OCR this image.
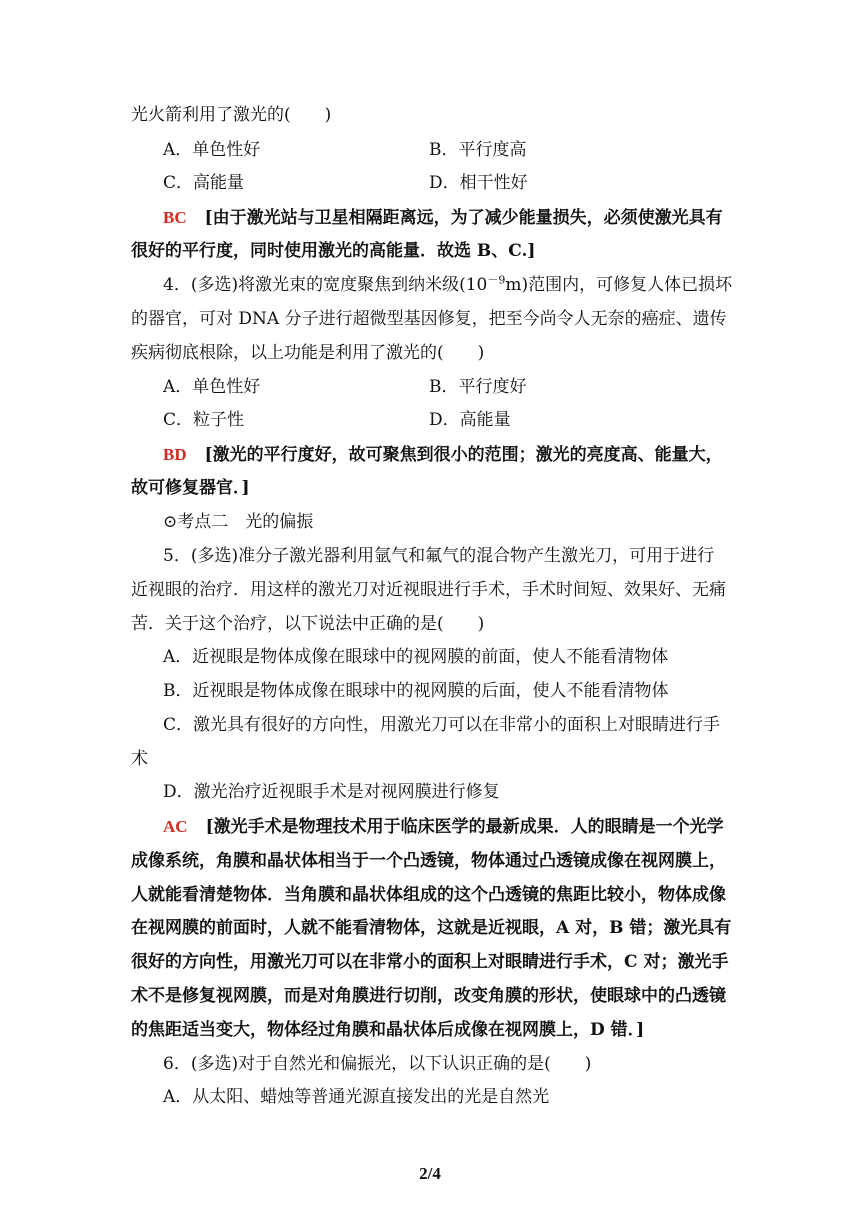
光火箭利用了激光的(　　)
A．单色性好	B．平行度高
C．高能量	D．相干性好
BC [由于激光站与卫星相隔距离远，为了减少能量损失，必须使激光具有
很好的平行度，同时使用激光的高能量．故选 B、C.]
4．(多选)将激光束的宽度聚焦到纳米级$(10^{-9}m)$范围内，可修复人体已损坏
的器官，可对 DNA 分子进行超微型基因修复，把至今尚令人无奈的癌症、遗传
疾病彻底根除，以上功能是利用了激光的(　　)
A．单色性好	B．平行度好
C．粒子性	D．高能量
BD [激光的平行度好，故可聚焦到很小的范围；激光的亮度高、能量大，
故可修复器官．]
⊙考点二　光的偏振
5．(多选)准分子激光器利用氩气和氟气的混合物产生激光刀，可用于进行
近视眼的治疗．用这样的激光刀对近视眼进行手术，手术时间短、效果好、无痛
苦．关于这个治疗，以下说法中正确的是(　　)
A．近视眼是物体成像在眼球中的视网膜的前面，使人不能看清物体
B．近视眼是物体成像在眼球中的视网膜的后面，使人不能看清物体
C．激光具有很好的方向性，用激光刀可以在非常小的面积上对眼睛进行手
术
D．激光治疗近视眼手术是对视网膜进行修复
AC [激光手术是物理技术用于临床医学的最新成果．人的眼睛是一个光学
成像系统，角膜和晶状体相当于一个凸透镜，物体通过凸透镜成像在视网膜上，
人就能看清楚物体．当角膜和晶状体组成的这个凸透镜的焦距比较小，物体成像
在视网膜的前面时，人就不能看清物体，这就是近视眼，A 对，B 错；激光具有
很好的方向性，用激光刀可以在非常小的面积上对眼睛进行手术，C 对；激光手
术不是修复视网膜，而是对角膜进行切削，改变角膜的形状，使眼球中的凸透镜
的焦距适当变大，物体经过角膜和晶状体后成像在视网膜上，D 错．]
6．(多选)对于自然光和偏振光，以下认识正确的是(　　)
A．从太阳、蜡烛等普通光源直接发出的光是自然光
2/4
